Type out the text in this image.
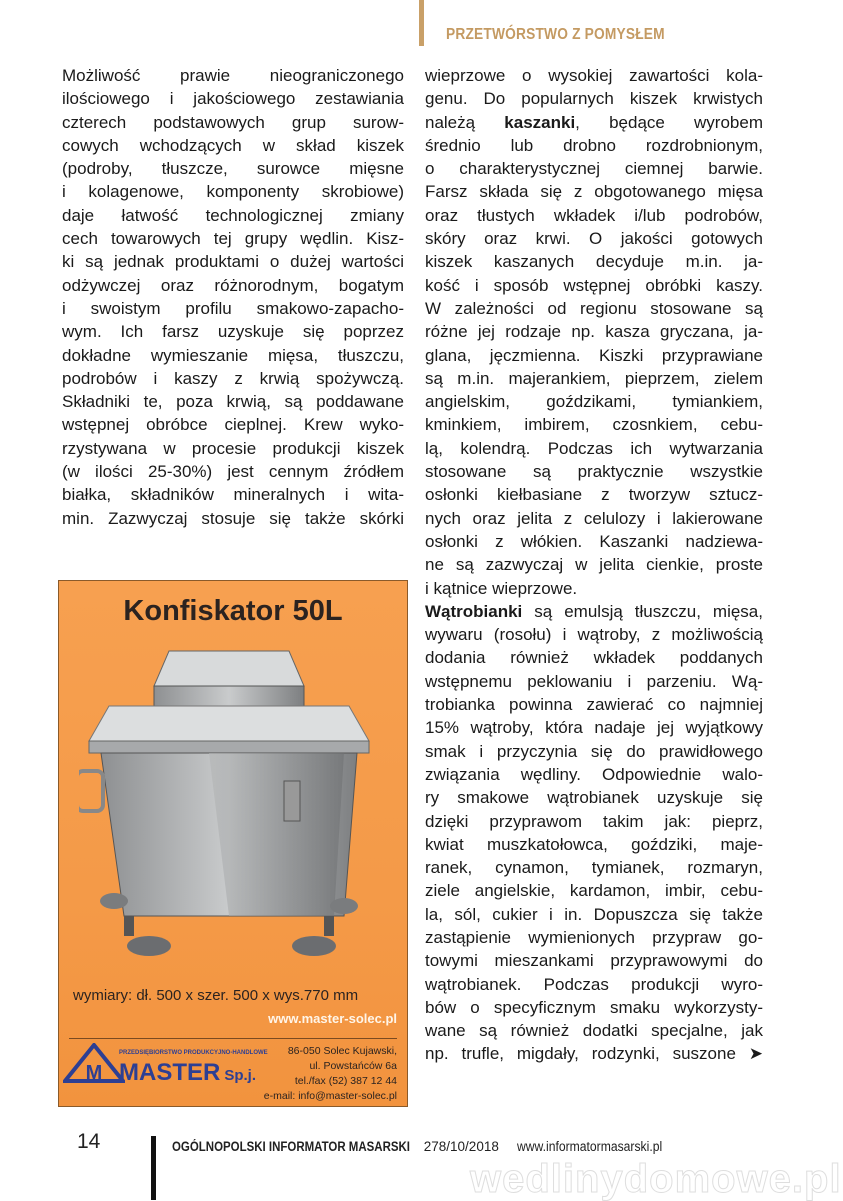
PRZETWÓRSTWO Z POMYSŁEM
Możliwość prawie nieograniczonego
ilościowego i jakościowego zestawiania
czterech podstawowych grup surow-
cowych wchodzących w skład kiszek
(podroby, tłuszcze, surowce mięsne
i kolagenowe, komponenty skrobiowe)
daje łatwość technologicznej zmiany
cech towarowych tej grupy wędlin. Kisz-
ki są jednak produktami o dużej wartości
odżywczej oraz różnorodnym, bogatym
i swoistym profilu smakowo-zapacho-
wym. Ich farsz uzyskuje się poprzez
dokładne wymieszanie mięsa, tłuszczu,
podrobów i kaszy z krwią spożywczą.
Składniki te, poza krwią, są poddawane
wstępnej obróbce cieplnej. Krew wyko-
rzystywana w procesie produkcji kiszek
(w ilości 25-30%) jest cennym źródłem
białka, składników mineralnych i wita-
min. Zazwyczaj stosuje się także skórki
wieprzowe o wysokiej zawartości kola-
genu. Do popularnych kiszek krwistych
należą kaszanki, będące wyrobem
średnio lub drobno rozdrobnionym,
o charakterystycznej ciemnej barwie.
Farsz składa się z obgotowanego mięsa
oraz tłustych wkładek i/lub podrobów,
skóry oraz krwi. O jakości gotowych
kiszek kaszanych decyduje m.in. ja-
kość i sposób wstępnej obróbki kaszy.
W zależności od regionu stosowane są
różne jej rodzaje np. kasza gryczana, ja-
glana, jęczmienna. Kiszki przyprawiane
są m.in. majerankiem, pieprzem, zielem
angielskim, goździkami, tymiankiem,
kminkiem, imbirem, czosnkiem, cebu-
lą, kolendrą. Podczas ich wytwarzania
stosowane są praktycznie wszystkie
osłonki kiełbasiane z tworzyw sztucz-
nych oraz jelita z celulozy i lakierowane
osłonki z włókien. Kaszanki nadziewa-
ne są zazwyczaj w jelita cienkie, proste
i kątnice wieprzowe.
Wątrobianki są emulsją tłuszczu, mięsa,
wywaru (rosołu) i wątroby, z możliwością
dodania również wkładek poddanych
wstępnemu peklowaniu i parzeniu. Wą-
trobianka powinna zawierać co najmniej
15% wątroby, która nadaje jej wyjątkowy
smak i przyczynia się do prawidłowego
związania wędliny. Odpowiednie walo-
ry smakowe wątrobianek uzyskuje się
dzięki przyprawom takim jak: pieprz,
kwiat muszkatołowca, goździki, maje-
ranek, cynamon, tymianek, rozmaryn,
ziele angielskie, kardamon, imbir, cebu-
la, sól, cukier i in. Dopuszcza się także
zastąpienie wymienionych przypraw go-
towymi mieszankami przyprawowymi do
wątrobianek. Podczas produkcji wyro-
bów o specyficznym smaku wykorzysty-
wane są również dodatki specjalne, jak
np. trufle, migdały, rodzynki, suszone ➤
Konfiskator 50L
wymiary: dł. 500 x szer. 500 x wys.770 mm
www.master-solec.pl
M
PRZEDSIĘBIORSTWO PRODUKCYJNO-HANDLOWE
MASTER Sp.j.
86-050 Solec Kujawski,
ul. Powstańców 6a
tel./fax (52) 387 12 44
e-mail: info@master-solec.pl
14	OGÓLNOPOLSKI INFORMATOR MASARSKI 278/10/2018 www.informatormasarski.pl
wedlinydomowe.pl
